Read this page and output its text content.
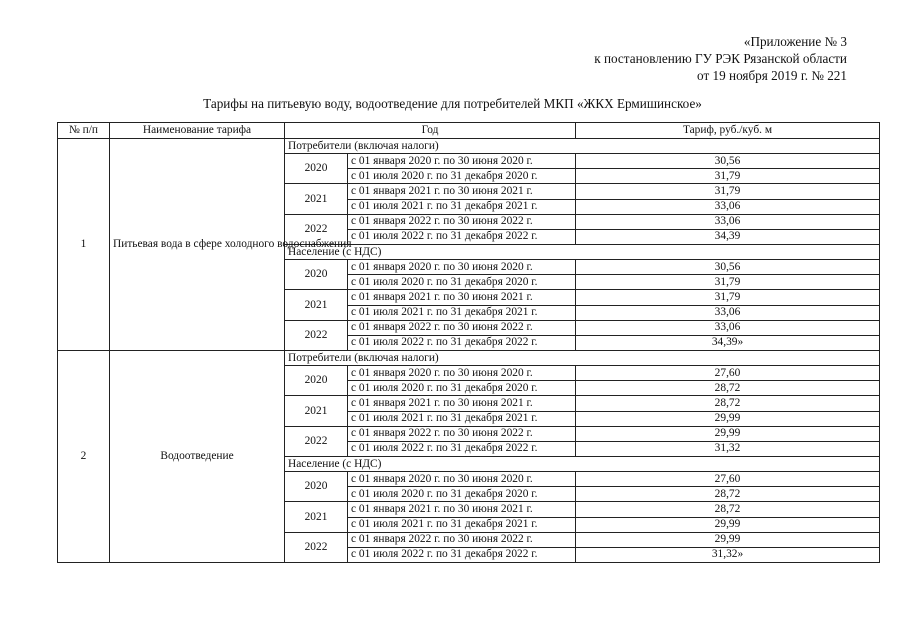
«Приложение № 3
к постановлению ГУ РЭК Рязанской области
от 19 ноября 2019 г. № 221
Тарифы на питьевую воду, водоотведение для потребителей МКП «ЖКХ Ермишинское»
№ п/п	Наименование тарифа	Год		Тариф, руб./куб. м
1	Питьевая вода в сфере холодного водоснабжения	Потребители (включая налоги)		
		2020	с 01 января 2020 г. по 30 июня 2020 г.	30,56
			с 01 июля 2020 г. по 31 декабря 2020 г.	31,79
		2021	с 01 января 2021 г. по 30 июня 2021 г.	31,79
			с 01 июля 2021 г. по 31 декабря 2021 г.	33,06
		2022	с 01 января 2022 г. по 30 июня 2022 г.	33,06
			с 01 июля 2022 г. по 31 декабря 2022 г.	34,39
		Население (с НДС)		
		2020	с 01 января 2020 г. по 30 июня 2020 г.	30,56
			с 01 июля 2020 г. по 31 декабря 2020 г.	31,79
		2021	с 01 января 2021 г. по 30 июня 2021 г.	31,79
			с 01 июля 2021 г. по 31 декабря 2021 г.	33,06
		2022	с 01 января 2022 г. по 30 июня 2022 г.	33,06
			с 01 июля 2022 г. по 31 декабря 2022 г.	34,39»
2	Водоотведение	Потребители (включая налоги)		
		2020	с 01 января 2020 г. по 30 июня 2020 г.	27,60
			с 01 июля 2020 г. по 31 декабря 2020 г.	28,72
		2021	с 01 января 2021 г. по 30 июня 2021 г.	28,72
			с 01 июля 2021 г. по 31 декабря 2021 г.	29,99
		2022	с 01 января 2022 г. по 30 июня 2022 г.	29,99
			с 01 июля 2022 г. по 31 декабря 2022 г.	31,32
		Население (с НДС)		
		2020	с 01 января 2020 г. по 30 июня 2020 г.	27,60
			с 01 июля 2020 г. по 31 декабря 2020 г.	28,72
		2021	с 01 января 2021 г. по 30 июня 2021 г.	28,72
			с 01 июля 2021 г. по 31 декабря 2021 г.	29,99
		2022	с 01 января 2022 г. по 30 июня 2022 г.	29,99
			с 01 июля 2022 г. по 31 декабря 2022 г.	31,32»
